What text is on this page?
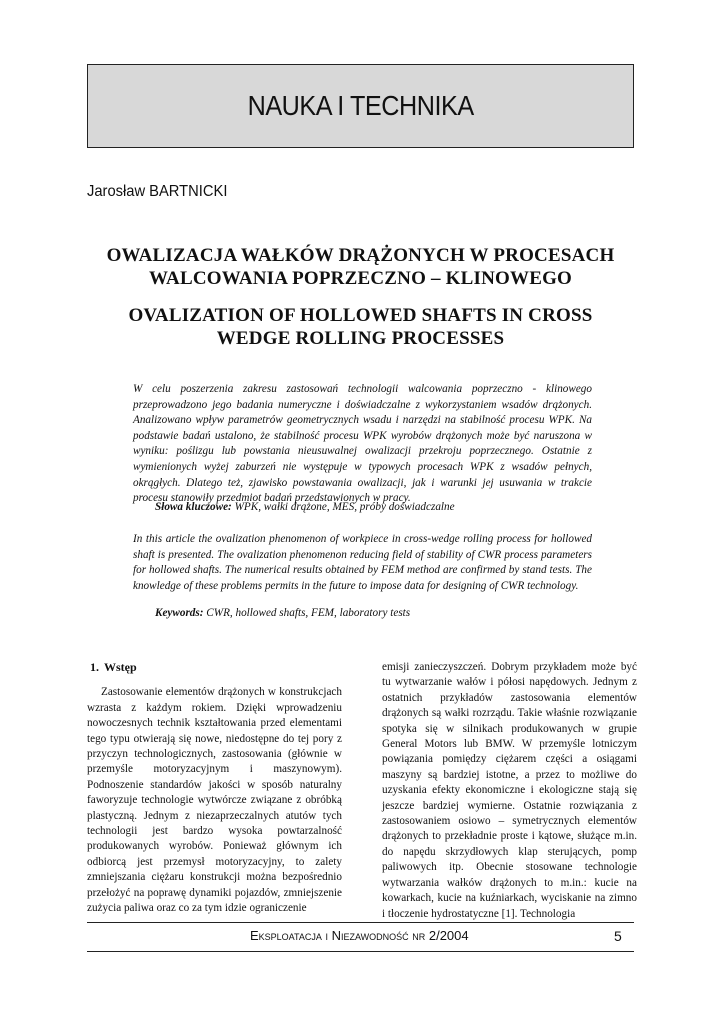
NAUKA I TECHNIKA
Jarosław BARTNICKI
OWALIZACJA WAŁKÓW DRĄŻONYCH W PROCESACH
WALCOWANIA POPRZECZNO – KLINOWEGO
OVALIZATION OF HOLLOWED SHAFTS IN CROSS
WEDGE ROLLING PROCESSES

W celu poszerzenia zakresu zastosowań technologii walcowania poprzeczno - klinowego przeprowadzono jego badania numeryczne i doświadczalne z wykorzystaniem wsadów drążonych. Analizowano wpływ parametrów geometrycznych wsadu i narzędzi na stabilność procesu WPK. Na podstawie badań ustalono, że stabilność procesu WPK wyrobów drążonych może być naruszona w wyniku: poślizgu lub powstania nieusuwalnej owalizacji przekroju poprzecznego. Ostatnie z wymienionych wyżej zaburzeń nie występuje w typowych procesach WPK z wsadów pełnych, okrągłych. Dlatego też, zjawisko powstawania owalizacji, jak i warunki jej usuwania w trakcie procesu stanowiły przedmiot badań przedstawionych w pracy.

Słowa kluczowe: WPK, wałki drążone, MES, próby doświadczalne

In this article the ovalization phenomenon of workpiece in cross-wedge rolling process for hollowed shaft is presented. The ovalization phenomenon reducing field of stability of CWR process parameters for hollowed shafts. The numerical results obtained by FEM method are confirmed by stand tests. The knowledge of these problems permits in the future to impose data for designing of CWR technology.

Keywords: CWR, hollowed shafts, FEM, laboratory tests
1. Wstęp

Zastosowanie elementów drążonych w konstrukcjach wzrasta z każdym rokiem. Dzięki wprowadzeniu nowoczesnych technik kształtowania przed elementami tego typu otwierają się nowe, niedostępne do tej pory z przyczyn technologicznych, zastosowania (głównie w przemyśle motoryzacyjnym i maszynowym). Podnoszenie standardów jakości w sposób naturalny faworyzuje technologie wytwórcze związane z obróbką plastyczną. Jednym z niezaprzeczalnych atutów tych technologii jest bardzo wysoka powtarzalność produkowanych wyrobów. Ponieważ głównym ich odbiorcą jest przemysł motoryzacyjny, to zalety zmniejszania ciężaru konstrukcji można bezpośrednio przełożyć na poprawę dynamiki pojazdów, zmniejszenie zużycia paliwa oraz co za tym idzie ograniczenie

emisji zanieczyszczeń. Dobrym przykładem może być tu wytwarzanie wałów i półosi napędowych. Jednym z ostatnich przykładów zastosowania elementów drążonych są wałki rozrządu. Takie właśnie rozwiązanie spotyka się w silnikach produkowanych w grupie General Motors lub BMW. W przemyśle lotniczym powiązania pomiędzy ciężarem części a osiągami maszyny są bardziej istotne, a przez to możliwe do uzyskania efekty ekonomiczne i ekologiczne stają się jeszcze bardziej wymierne. Ostatnie rozwiązania z zastosowaniem osiowo – symetrycznych elementów drążonych to przekładnie proste i kątowe, służące m.in. do napędu skrzydłowych klap sterujących, pomp paliwowych itp. Obecnie stosowane technologie wytwarzania wałków drążonych to m.in.: kucie na kowarkach, kucie na kuźniarkach, wyciskanie na zimno i tłoczenie hydrostatyczne [1]. Technologia

Eksploatacja i Niezawodność nr 2/2004	5
